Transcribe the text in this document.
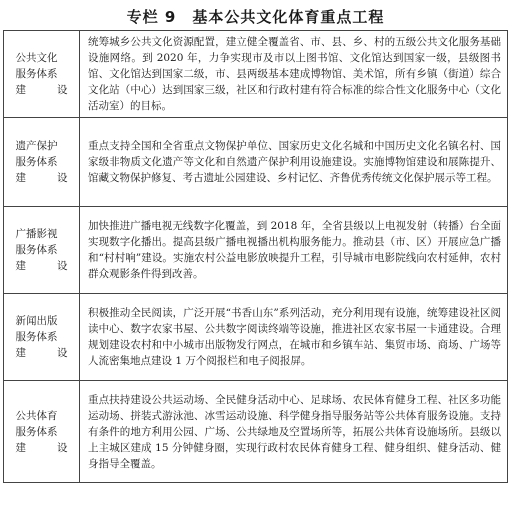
专栏 9　基本公共文化体育重点工程
公共文化服务体系建设	统筹城乡公共文化资源配置，建立健全覆盖省、市、县、乡、村的五级公共文化服务基础设施网络。到 2020 年，力争实现市及市以上图书馆、文化馆达到国家一级，县级图书馆、文化馆达到国家二级，市、县两级基本建成博物馆、美术馆，所有乡镇（街道）综合文化站（中心）达到国家三级，社区和行政村建有符合标准的综合性文化服务中心（文化活动室）的目标。
遗产保护服务体系建设	重点支持全国和全省重点文物保护单位、国家历史文化名城和中国历史文化名镇名村、国家级非物质文化遗产等文化和自然遗产保护利用设施建设。实施博物馆建设和展陈提升、馆藏文物保护修复、考古遗址公园建设、乡村记忆、齐鲁优秀传统文化保护展示等工程。
广播影视服务体系建设	加快推进广播电视无线数字化覆盖，到 2018 年，全省县级以上电视发射（转播）台全面实现数字化播出。提高县级广播电视播出机构服务能力。推动县（市、区）开展应急广播和“村村响”建设。实施农村公益电影放映提升工程，引导城市电影院线向农村延伸，农村群众观影条件得到改善。
新闻出版服务体系建设	积极推动全民阅读，广泛开展“书香山东”系列活动，充分利用现有设施，统筹建设社区阅读中心、数字农家书屋、公共数字阅读终端等设施，推进社区农家书屋一卡通建设。合理规划建设农村和中小城市出版物发行网点，在城市和乡镇车站、集贸市场、商场、广场等人流密集地点建设 1 万个阅报栏和电子阅报屏。
公共体育服务体系建设	重点扶持建设公共运动场、全民健身活动中心、足球场、农民体育健身工程、社区多功能运动场、拼装式游泳池、冰雪运动设施、科学健身指导服务站等公共体育服务设施。支持有条件的地方利用公园、广场、公共绿地及空置场所等，拓展公共体育设施场所。县级以上主城区建成 15 分钟健身圈，实现行政村农民体育健身工程、健身组织、健身活动、健身指导全覆盖。
